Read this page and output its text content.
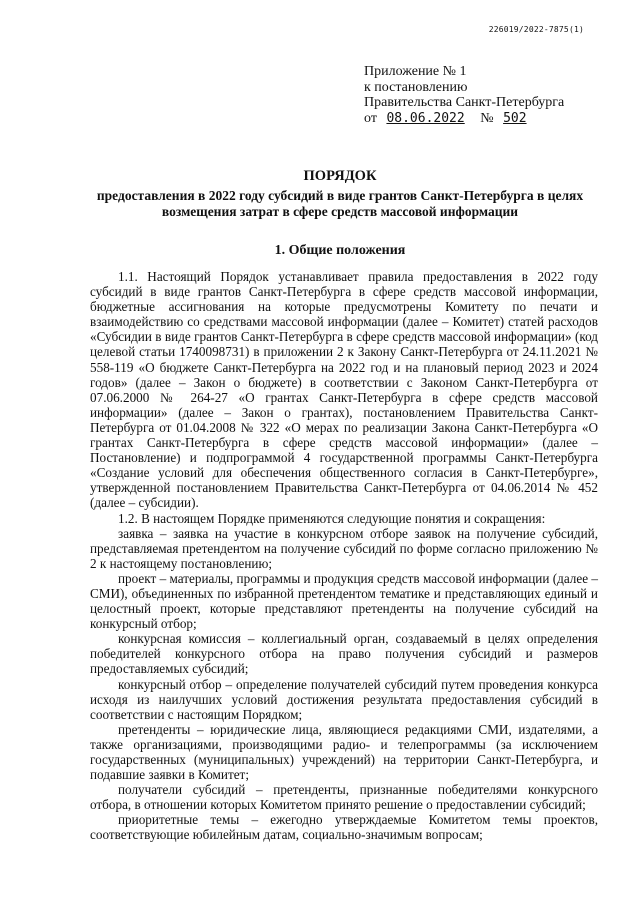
226019/2022-7875(1)
Приложение № 1
к постановлению
Правительства Санкт-Петербурга
от 08.06.2022 № 502
ПОРЯДОК
предоставления в 2022 году субсидий в виде грантов Санкт-Петербурга в целях
возмещения затрат в сфере средств массовой информации
1. Общие положения

1.1. Настоящий Порядок устанавливает правила предоставления в 2022 году субсидий в виде грантов Санкт-Петербурга в сфере средств массовой информации, бюджетные ассигнования на которые предусмотрены Комитету по печати и взаимодействию со средствами массовой информации (далее – Комитет) статей расходов «Субсидии в виде грантов Санкт-Петербурга в сфере средств массовой информации» (код целевой статьи 1740098731) в приложении 2 к Закону Санкт-Петербурга от 24.11.2021 № 558-119 «О бюджете Санкт-Петербурга на 2022 год и на плановый период 2023 и 2024 годов» (далее – Закон о бюджете) в соответствии с Законом Санкт-Петербурга от 07.06.2000 № 264-27 «О грантах Санкт-Петербурга в сфере средств массовой информации» (далее – Закон о грантах), постановлением Правительства Санкт-Петербурга от 01.04.2008 № 322 «О мерах по реализации Закона Санкт-Петербурга «О грантах Санкт-Петербурга в сфере средств массовой информации» (далее – Постановление) и подпрограммой 4 государственной программы Санкт-Петербурга «Создание условий для обеспечения общественного согласия в Санкт-Петербурге», утвержденной постановлением Правительства Санкт-Петербурга от 04.06.2014 № 452 (далее – субсидии).

1.2. В настоящем Порядке применяются следующие понятия и сокращения:

заявка – заявка на участие в конкурсном отборе заявок на получение субсидий, представляемая претендентом на получение субсидий по форме согласно приложению № 2 к настоящему постановлению;

проект – материалы, программы и продукция средств массовой информации (далее – СМИ), объединенных по избранной претендентом тематике и представляющих единый и целостный проект, которые представляют претенденты на получение субсидий на конкурсный отбор;

конкурсная комиссия – коллегиальный орган, создаваемый в целях определения победителей конкурсного отбора на право получения субсидий и размеров предоставляемых субсидий;

конкурсный отбор – определение получателей субсидий путем проведения конкурса исходя из наилучших условий достижения результата предоставления субсидий в соответствии с настоящим Порядком;

претенденты – юридические лица, являющиеся редакциями СМИ, издателями, а также организациями, производящими радио- и телепрограммы (за исключением государственных (муниципальных) учреждений) на территории Санкт-Петербурга, и подавшие заявки в Комитет;

получатели субсидий – претенденты, признанные победителями конкурсного отбора, в отношении которых Комитетом принято решение о предоставлении субсидий;

приоритетные темы – ежегодно утверждаемые Комитетом темы проектов, соответствующие юбилейным датам, социально-значимым вопросам;
